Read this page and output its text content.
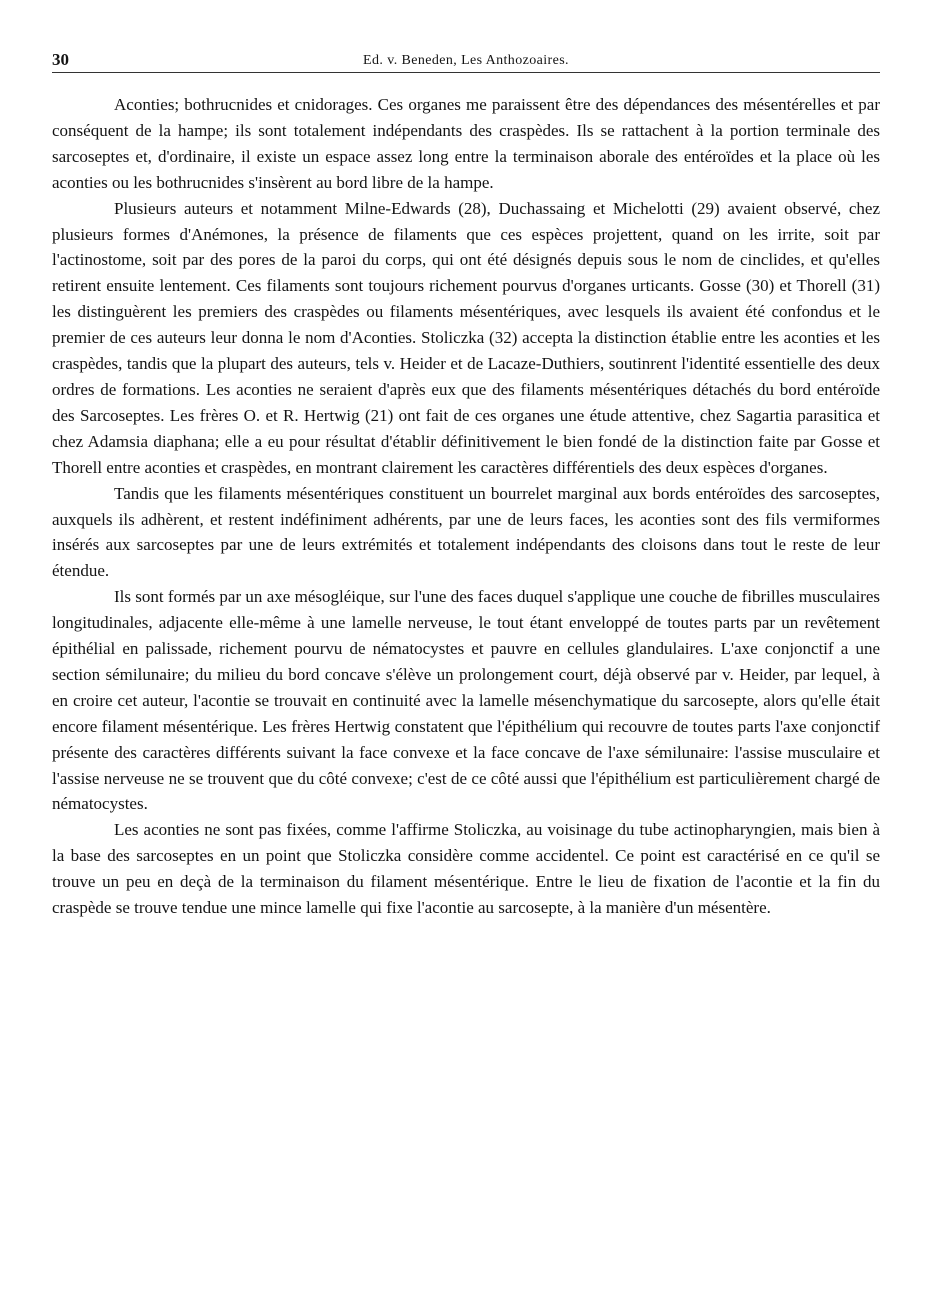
30	Ed. v. Beneden, Les Anthozoaires.

Aconties; bothrucnides et cnidorages. Ces organes me paraissent être des dépendances des mésentérelles et par conséquent de la hampe; ils sont totalement indépendants des craspèdes. Ils se rattachent à la portion terminale des sarcoseptes et, d'ordinaire, il existe un espace assez long entre la terminaison aborale des entéroïdes et la place où les aconties ou les bothrucnides s'insèrent au bord libre de la hampe.

Plusieurs auteurs et notamment Milne-Edwards (28), Duchassaing et Michelotti (29) avaient observé, chez plusieurs formes d'Anémones, la présence de filaments que ces espèces projettent, quand on les irrite, soit par l'actinostome, soit par des pores de la paroi du corps, qui ont été désignés depuis sous le nom de cinclides, et qu'elles retirent ensuite lentement. Ces filaments sont toujours richement pourvus d'organes urticants. Gosse (30) et Thorell (31) les distinguèrent les premiers des craspèdes ou filaments mésentériques, avec lesquels ils avaient été confondus et le premier de ces auteurs leur donna le nom d'Aconties. Stoliczka (32) accepta la distinction établie entre les aconties et les craspèdes, tandis que la plupart des auteurs, tels v. Heider et de Lacaze-Duthiers, soutinrent l'identité essentielle des deux ordres de formations. Les aconties ne seraient d'après eux que des filaments mésentériques détachés du bord entéroïde des Sarcoseptes. Les frères O. et R. Hertwig (21) ont fait de ces organes une étude attentive, chez Sagartia parasitica et chez Adamsia diaphana; elle a eu pour résultat d'établir définitivement le bien fondé de la distinction faite par Gosse et Thorell entre aconties et craspèdes, en montrant clairement les caractères différentiels des deux espèces d'organes.

Tandis que les filaments mésentériques constituent un bourrelet marginal aux bords entéroïdes des sarcoseptes, auxquels ils adhèrent, et restent indéfiniment adhérents, par une de leurs faces, les aconties sont des fils vermiformes insérés aux sarcoseptes par une de leurs extrémités et totalement indépendants des cloisons dans tout le reste de leur étendue.

Ils sont formés par un axe mésogléique, sur l'une des faces duquel s'applique une couche de fibrilles musculaires longitudinales, adjacente elle-même à une lamelle nerveuse, le tout étant enveloppé de toutes parts par un revêtement épithélial en palissade, richement pourvu de nématocystes et pauvre en cellules glandulaires. L'axe conjonctif a une section sémilunaire; du milieu du bord concave s'élève un prolongement court, déjà observé par v. Heider, par lequel, à en croire cet auteur, l'acontie se trouvait en continuité avec la lamelle mésenchymatique du sarcosepte, alors qu'elle était encore filament mésentérique. Les frères Hertwig constatent que l'épithélium qui recouvre de toutes parts l'axe conjonctif présente des caractères différents suivant la face convexe et la face concave de l'axe sémilunaire: l'assise musculaire et l'assise nerveuse ne se trouvent que du côté convexe; c'est de ce côté aussi que l'épithélium est particulièrement chargé de nématocystes.

Les aconties ne sont pas fixées, comme l'affirme Stoliczka, au voisinage du tube actinopharyngien, mais bien à la base des sarcoseptes en un point que Stoliczka considère comme accidentel. Ce point est caractérisé en ce qu'il se trouve un peu en deçà de la terminaison du filament mésentérique. Entre le lieu de fixation de l'acontie et la fin du craspède se trouve tendue une mince lamelle qui fixe l'acontie au sarcosepte, à la manière d'un mésentère.
